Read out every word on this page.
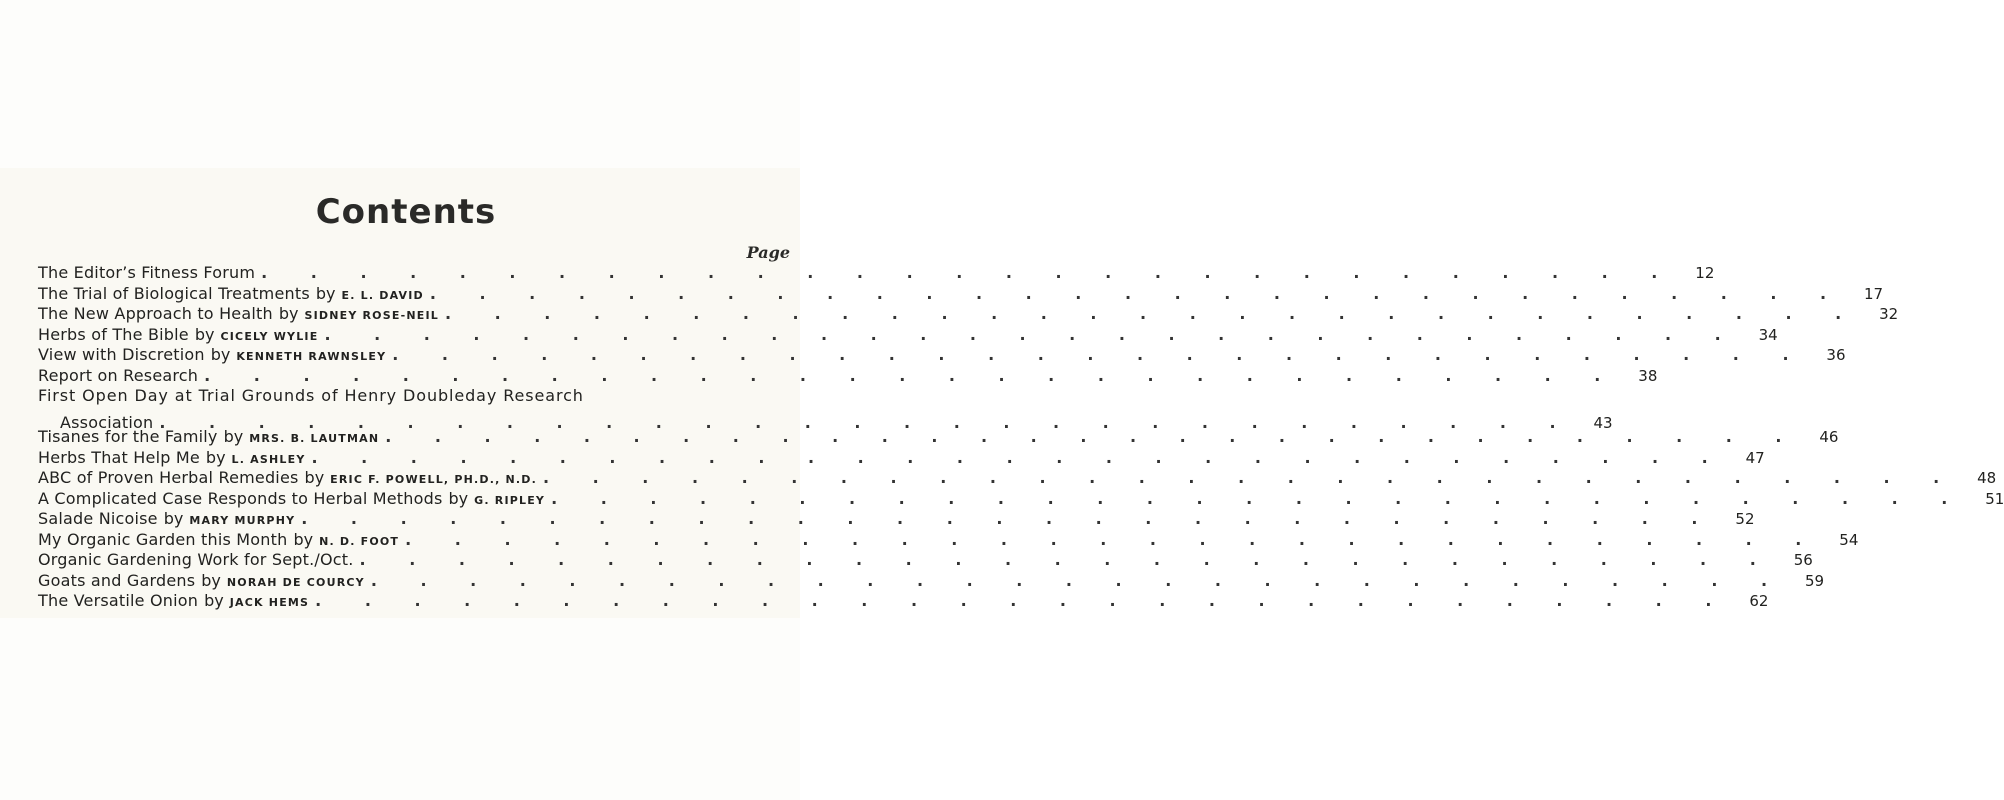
Contents
Page
The Editor’s Fitness Forum . . . . . . . . . . . . . . . . . . . . . . . . . . . . .	12
The Trial of Biological Treatments by E. L. DAVID . . . . . . . . . . . . . . . . . . . . . . . . . . . . .	17
The New Approach to Health by SIDNEY ROSE-NEIL . . . . . . . . . . . . . . . . . . . . . . . . . . . . .	32
Herbs of The Bible by CICELY WYLIE . . . . . . . . . . . . . . . . . . . . . . . . . . . . .	34
View with Discretion by KENNETH RAWNSLEY . . . . . . . . . . . . . . . . . . . . . . . . . . . . .	36
Report on Research . . . . . . . . . . . . . . . . . . . . . . . . . . . . .	38
First Open Day at Trial Grounds of Henry Doubleday Research
Association . . . . . . . . . . . . . . . . . . . . . . . . . . . . .	43
Tisanes for the Family by MRS. B. LAUTMAN . . . . . . . . . . . . . . . . . . . . . . . . . . . . .	46
Herbs That Help Me by L. ASHLEY . . . . . . . . . . . . . . . . . . . . . . . . . . . . .	47
ABC of Proven Herbal Remedies by ERIC F. POWELL, PH.D., N.D. . . . . . . . . . . . . . . . . . . . . . . . . . . . . .	48
A Complicated Case Responds to Herbal Methods by G. RIPLEY . . . . . . . . . . . . . . . . . . . . . . . . . . . . .	51
Salade Nicoise by MARY MURPHY . . . . . . . . . . . . . . . . . . . . . . . . . . . . .	52
My Organic Garden this Month by N. D. FOOT . . . . . . . . . . . . . . . . . . . . . . . . . . . . .	54
Organic Gardening Work for Sept./Oct. . . . . . . . . . . . . . . . . . . . . . . . . . . . . .	56
Goats and Gardens by NORAH DE COURCY . . . . . . . . . . . . . . . . . . . . . . . . . . . . .	59
The Versatile Onion by JACK HEMS . . . . . . . . . . . . . . . . . . . . . . . . . . . . .	62
